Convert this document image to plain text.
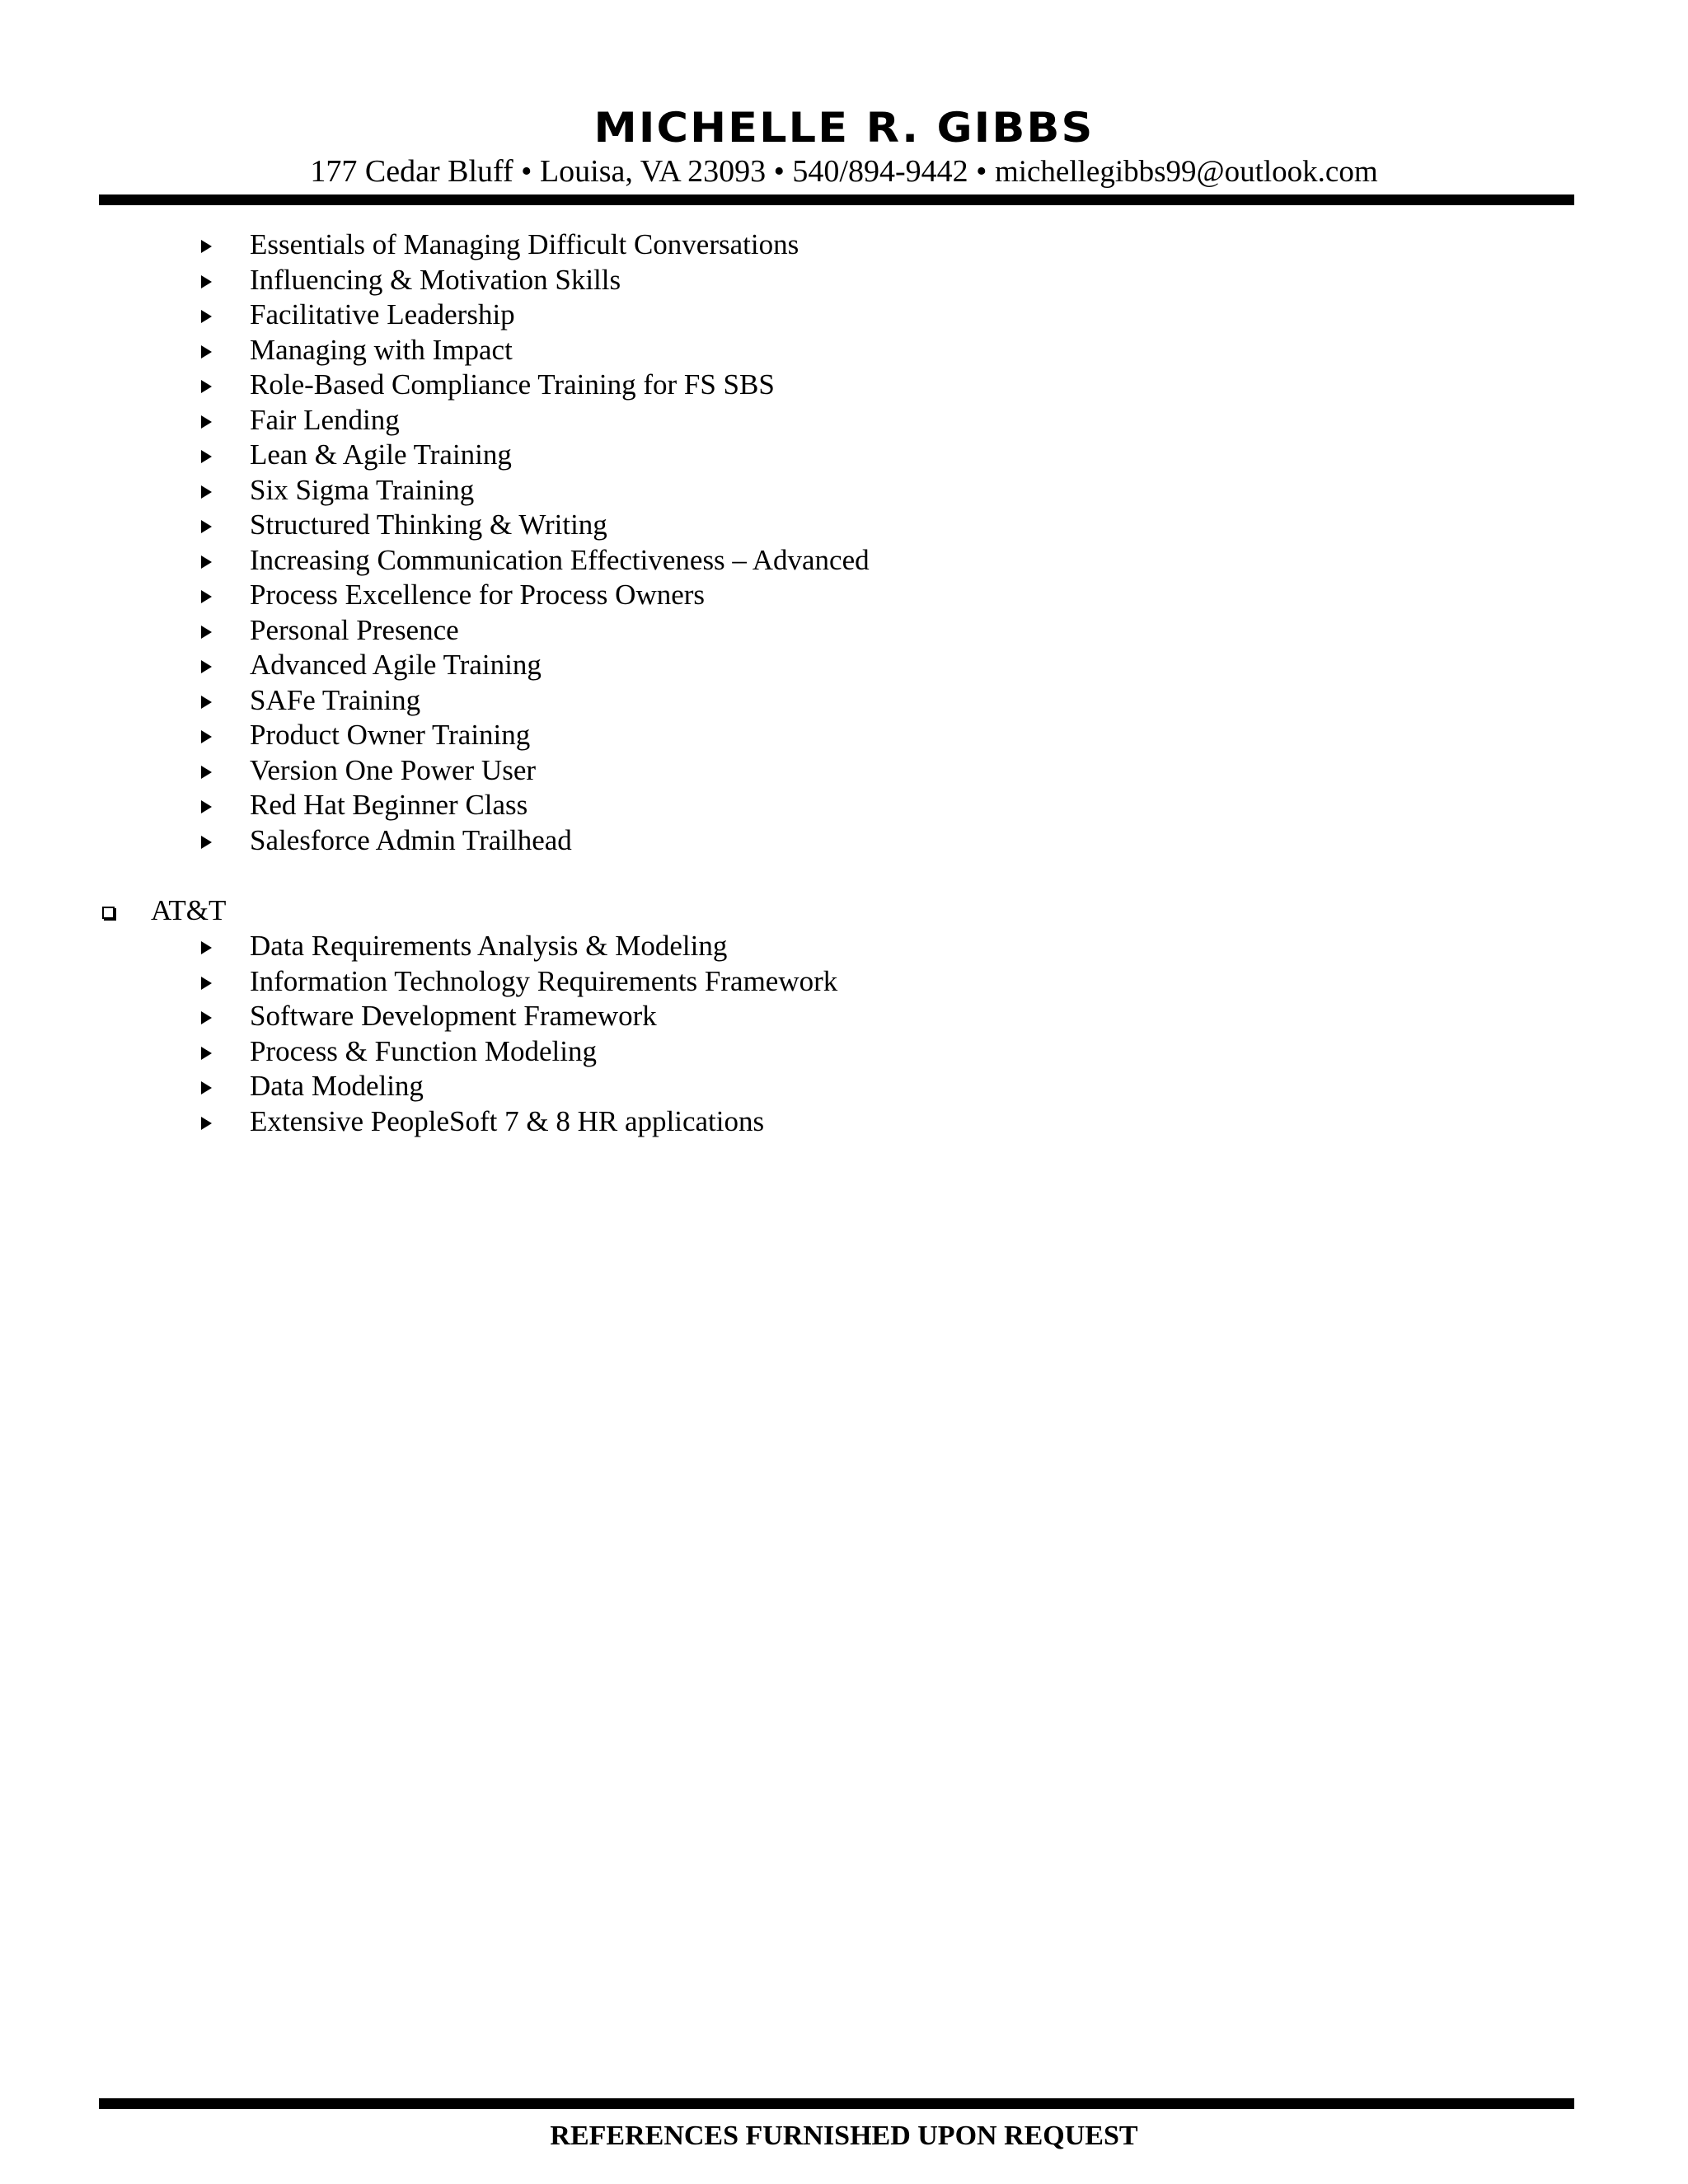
MICHELLE R. GIBBS
177 Cedar Bluff • Louisa, VA 23093 • 540/894-9442 • michellegibbs99@outlook.com
Essentials of Managing Difficult Conversations
Influencing & Motivation Skills
Facilitative Leadership
Managing with Impact
Role-Based Compliance Training for FS SBS
Fair Lending
Lean & Agile Training
Six Sigma Training
Structured Thinking & Writing
Increasing Communication Effectiveness – Advanced
Process Excellence for Process Owners
Personal Presence
Advanced Agile Training
SAFe Training
Product Owner Training
Version One Power User
Red Hat Beginner Class
Salesforce Admin Trailhead
AT&T
Data Requirements Analysis & Modeling
Information Technology Requirements Framework
Software Development Framework
Process & Function Modeling
Data Modeling
Extensive PeopleSoft 7 & 8 HR applications
REFERENCES FURNISHED UPON REQUEST
